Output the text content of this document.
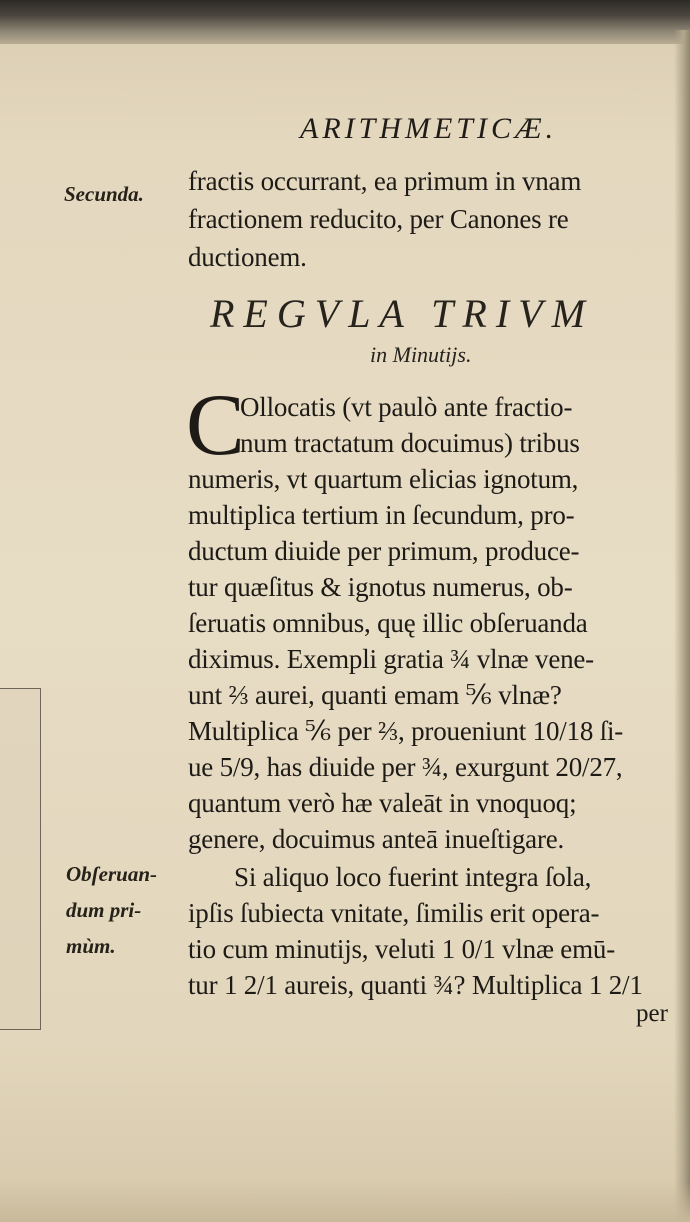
ARITHMETICÆ.
Secunda. fractis occurrant, ea primum in vnam
fractionem reducito, per Canones re
ductionem.
REGVLA TRIVM
in Minutijs.
C
Ollocatis (vt paulò ante fractio-
num tractatum docuimus) tribus
numeris, vt quartum elicias ignotum,
multiplica tertium in ſecundum, pro-
ductum diuide per primum, produce-
tur quæſitus & ignotus numerus, ob-
ſeruatis omnibus, quę illic obſeruanda
diximus. Exempli gratia ¾ vlnæ vene-
unt ⅔ aurei, quanti emam ⅚ vlnæ?
Multiplica ⅚ per ⅔, proueniunt 10/18 ſi-
ue 5/9, has diuide per ¾, exurgunt 20/27,
quantum verò hæ valeāt in vnoquoq;
genere, docuimus anteā inueſtigare.
Si aliquo loco fuerint integra ſola,
ipſis ſubiecta vnitate, ſimilis erit opera-
tio cum minutijs, veluti 1 0/1 vlnæ emū-
tur 1 2/1 aureis, quanti ¾? Multiplica 1 2/1
Obſeruan-
dum pri-
mùm.
per
